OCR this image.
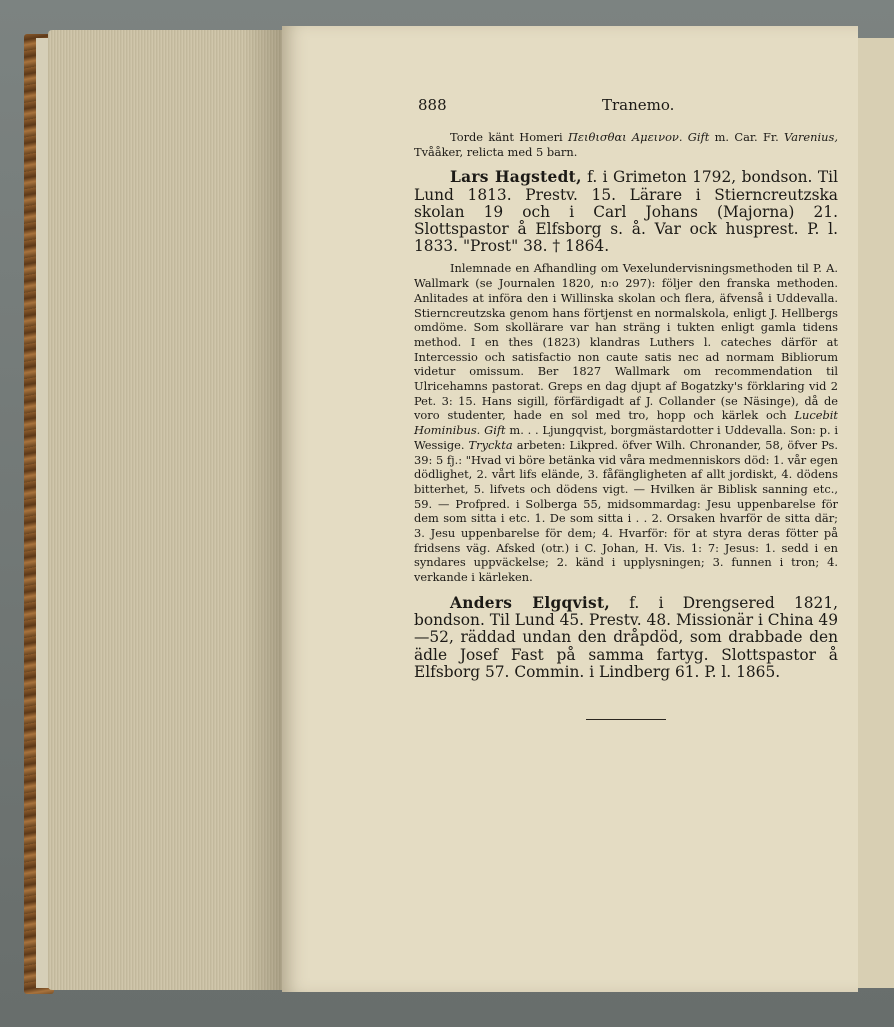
888	Tranemo.

Torde känt Homeri Πειθισθαι Αμεινον. Gift m. Car. Fr. Varenius, Tvååker, relicta med 5 barn.

Lars Hagstedt, f. i Grimeton 1792, bondson. Til Lund 1813. Prestv. 15. Lärare i Stierncreutzska skolan 19 och i Carl Johans (Majorna) 21. Slottspastor å Elfsborg s. å. Var ock husprest. P. l. 1833. "Prost" 38. † 1864.

Inlemnade en Afhandling om Vexelundervisningsmethoden til P. A. Wallmark (se Journalen 1820, n:o 297): följer den franska methoden. Anlitades at införa den i Willinska skolan och flera, äfvenså i Uddevalla. Stierncreutzska genom hans förtjenst en normalskola, enligt J. Hellbergs omdöme. Som skollärare var han sträng i tukten enligt gamla tidens method. I en thes (1823) klandras Luthers l. cateches därför at Intercessio och satisfactio non caute satis nec ad normam Bibliorum videtur omissum. Ber 1827 Wallmark om recommendation til Ulricehamns pastorat. Greps en dag djupt af Bogatzky's förklaring vid 2 Pet. 3: 15. Hans sigill, förfärdigadt af J. Collander (se Näsinge), då de voro studenter, hade en sol med tro, hopp och kärlek och Lucebit Hominibus. Gift m. . . Ljungqvist, borgmästardotter i Uddevalla. Son: p. i Wessige. Tryckta arbeten: Likpred. öfver Wilh. Chronander, 58, öfver Ps. 39: 5 fj.: "Hvad vi böre betänka vid våra medmenniskors död: 1. vår egen dödlighet, 2. vårt lifs elände, 3. fåfängligheten af allt jordiskt, 4. dödens bitterhet, 5. lifvets och dödens vigt. — Hvilken är Biblisk sanning etc., 59. — Profpred. i Solberga 55, midsommardag: Jesu uppenbarelse för dem som sitta i etc. 1. De som sitta i . . 2. Orsaken hvarför de sitta där; 3. Jesu uppenbarelse för dem; 4. Hvarför: för at styra deras fötter på fridsens väg. Afsked (otr.) i C. Johan, H. Vis. 1: 7: Jesus: 1. sedd i en syndares uppväckelse; 2. känd i upplysningen; 3. funnen i tron; 4. verkande i kärleken.

Anders Elgqvist, f. i Drengsered 1821, bondson. Til Lund 45. Prestv. 48. Missionär i China 49—52, räddad undan den dråpdöd, som drabbade den ädle Josef Fast på samma fartyg. Slottspastor å Elfsborg 57. Commin. i Lindberg 61. P. l. 1865.
